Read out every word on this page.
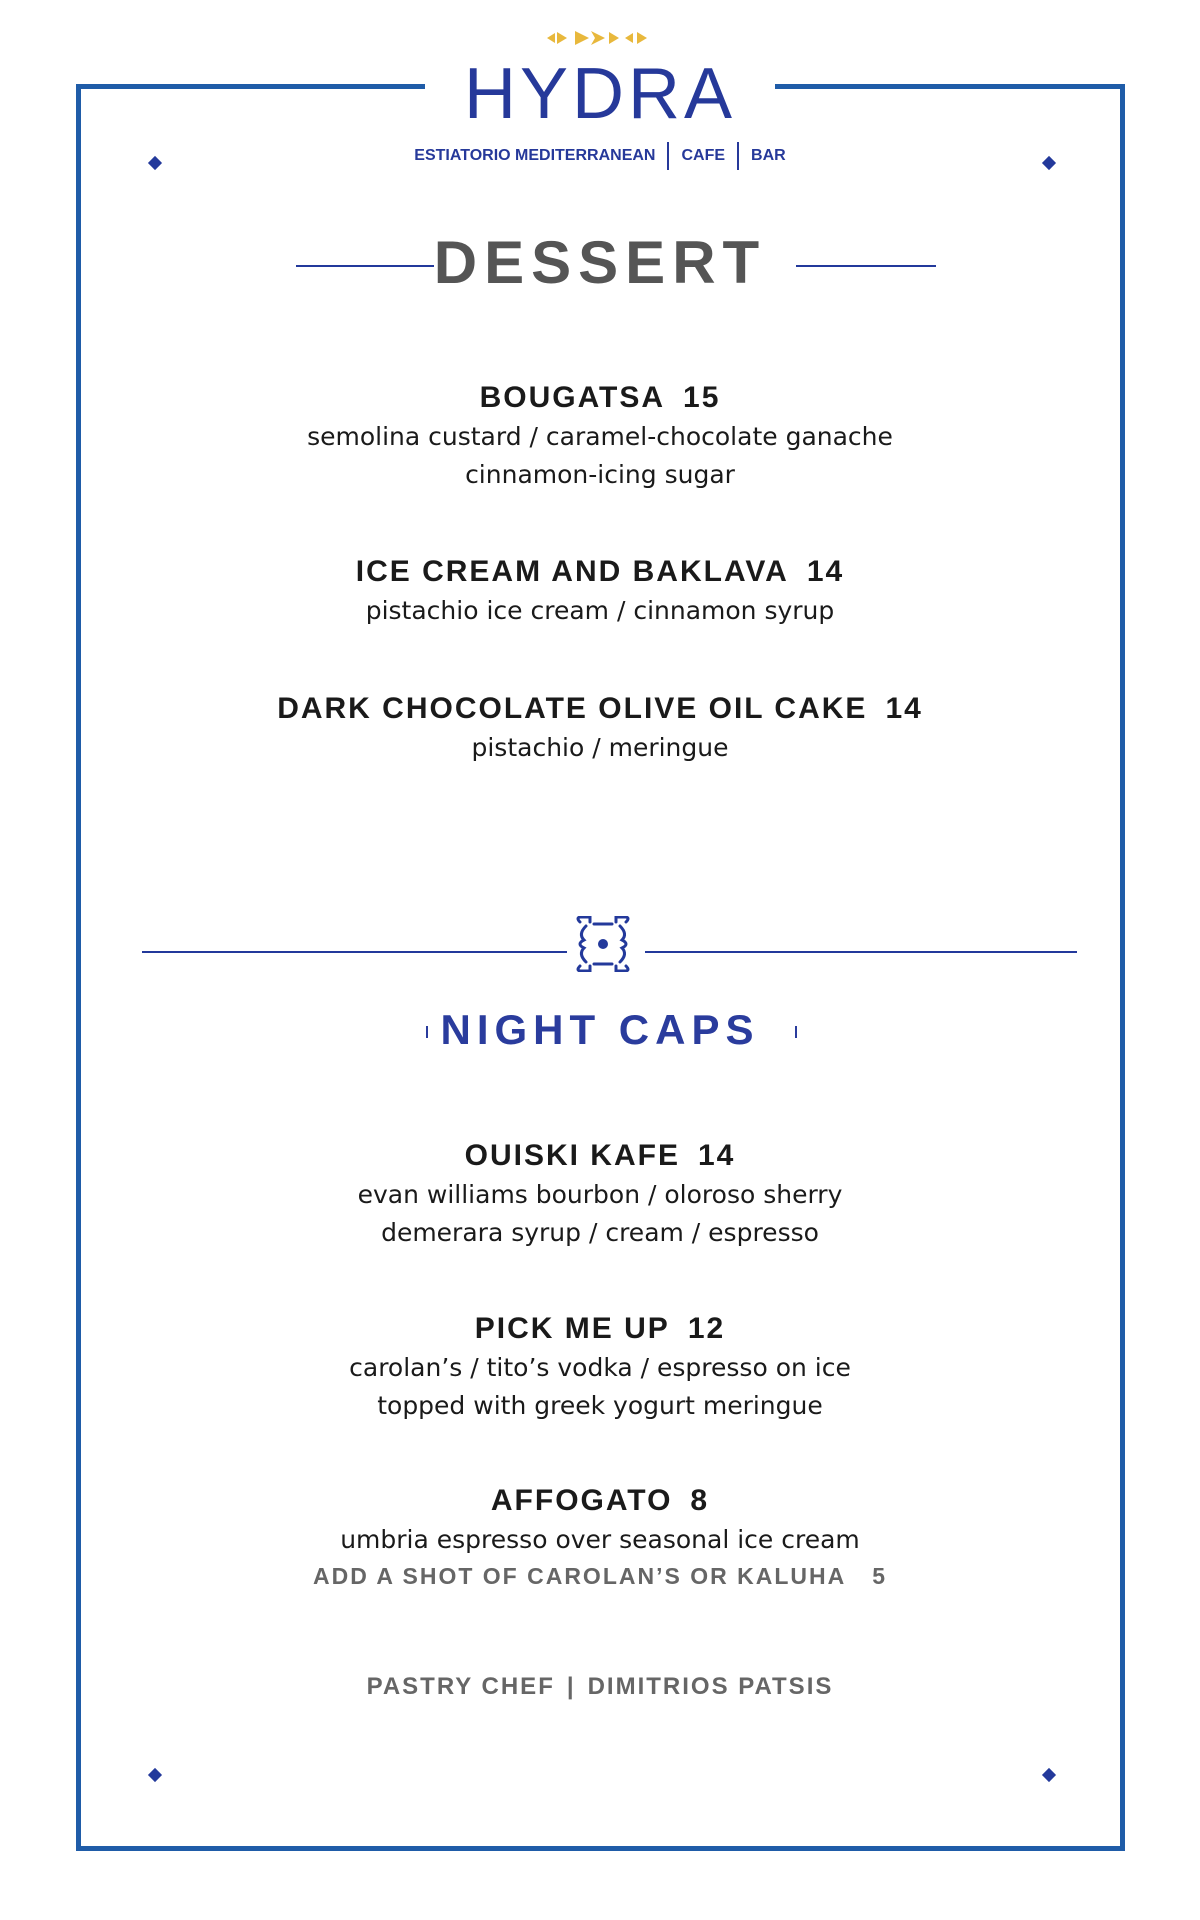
HYDRA
ESTIATORIO MEDITERRANEAN CAFE BAR
DESSERT
BOUGATSA 15
semolina custard / caramel-chocolate ganache
cinnamon-icing sugar
ICE CREAM AND BAKLAVA 14
pistachio ice cream / cinnamon syrup
DARK CHOCOLATE OLIVE OIL CAKE 14
pistachio / meringue
NIGHT CAPS
OUISKI KAFE 14
evan williams bourbon / oloroso sherry
demerara syrup / cream / espresso
PICK ME UP 12
carolan’s / tito’s vodka / espresso on ice
topped with greek yogurt meringue
AFFOGATO 8
umbria espresso over seasonal ice cream
ADD A SHOT OF CAROLAN’S OR KALUHA 5
PASTRY CHEF | DIMITRIOS PATSIS
